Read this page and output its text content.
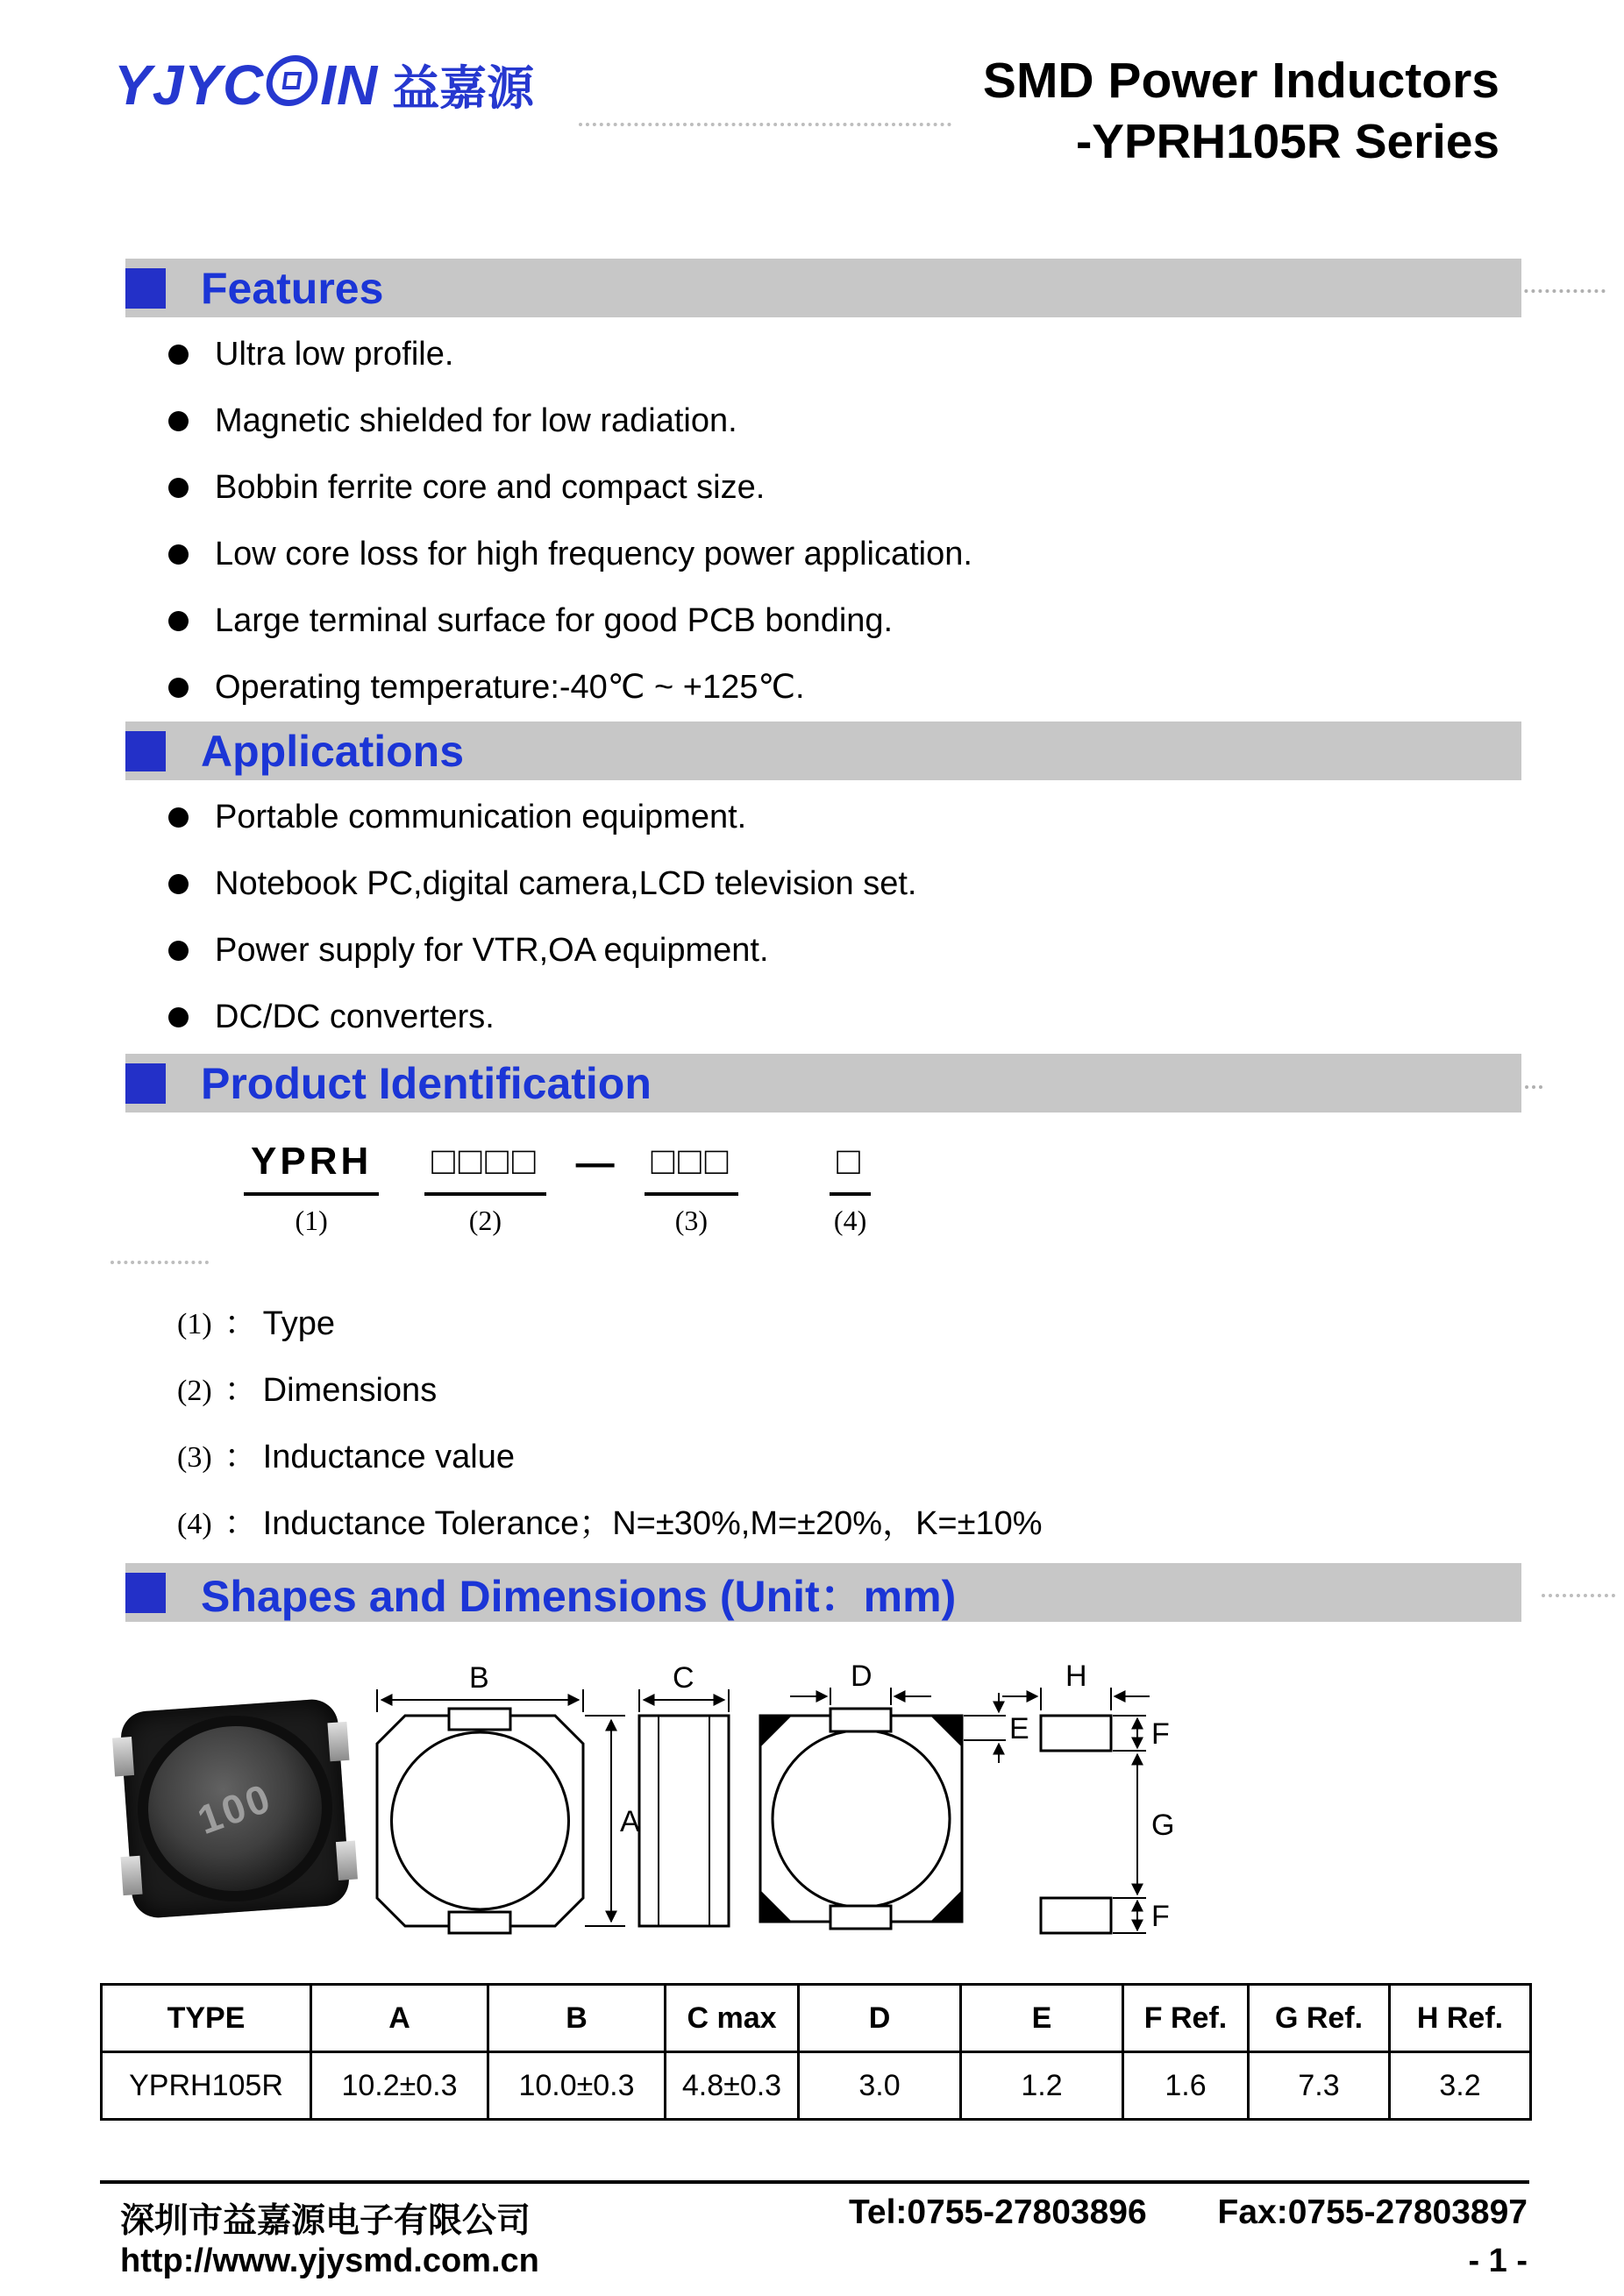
YJYC IN 益嘉源	SMD Power Inductors
-YPRH105R Series
Features
Ultra low profile.
Magnetic shielded for low radiation.
Bobbin ferrite core and compact size.
Low core loss for high frequency power application.
Large terminal surface for good PCB bonding.
Operating temperature:-40℃ ~ +125℃.
Applications
Portable communication equipment.
Notebook PC,digital camera,LCD television set.
Power supply for VTR,OA equipment.
DC/DC converters.
Product Identification
YPRH
(1)
□□□□
(2)
— □□□
(3)
□
(4)
(1) ： Type
(2) ： Dimensions
(3) ： Inductance value
(4) ： Inductance Tolerance；N=±30%,M=±20%，K=±10%
Shapes and Dimensions (Unit：mm)
100
B
A
C	D
E
H
F
G
F
TYPE	A	B	C max	D	E	F Ref.	G Ref.	H Ref.
YPRH105R	10.2±0.3	10.0±0.3	4.8±0.3	3.0	1.2	1.6	7.3	3.2
深圳市益嘉源电子有限公司	Tel:0755-27803896 Fax:0755-27803897
http://www.yjysmd.com.cn	- 1 -
